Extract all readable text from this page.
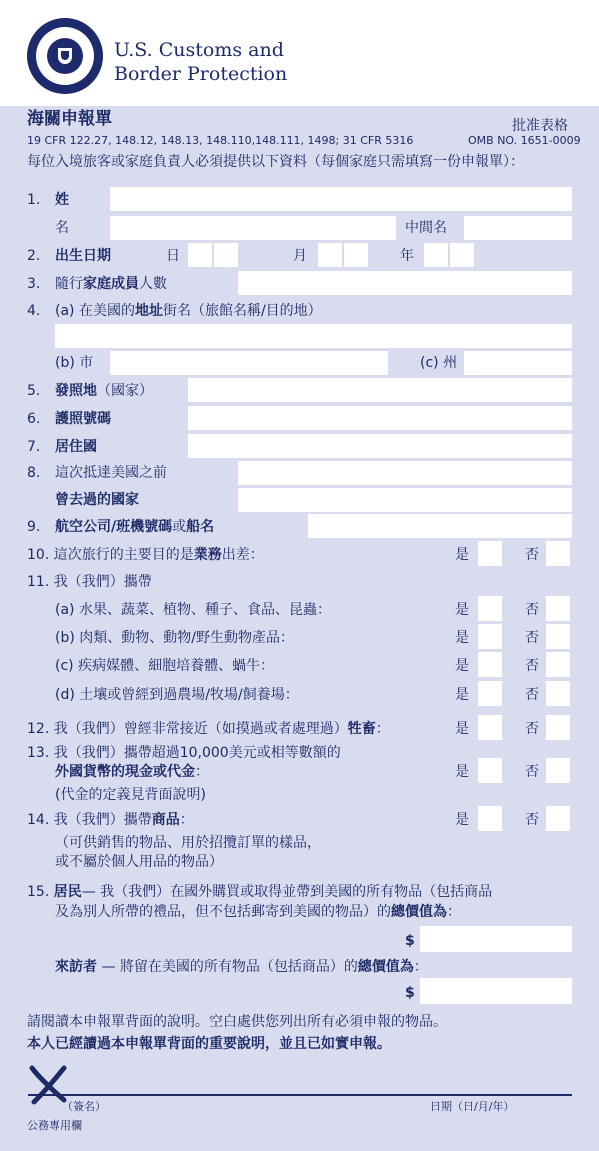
U.S. Customs and
Border Protection
海關申報單	批准表格
19 CFR 122.27, 148.12, 148.13, 148.110,148.111, 1498; 31 CFR 5316	OMB NO. 1651-0009
每位入境旅客或家庭負責人必須提供以下資料（每個家庭只需填寫一份申報單）：
1. 姓
名	中間名
2. 出生日期	日	月	年
3. 隨行家庭成員人數
4. (a) 在美國的地址街名（旅館名稱/目的地）
(b) 市	(c) 州
5. 發照地（國家）
6. 護照號碼
7. 居住國
8. 這次抵達美國之前
曾去過的國家
9. 航空公司/班機號碼或船名
10. 這次旅行的主要目的是業務出差：	是	否
11. 我（我們）攜帶
(a) 水果、蔬菜、植物、種子、食品、昆蟲：	是	否
(b) 肉類、動物、動物/野生動物產品：	是	否
(c) 疾病媒體、細胞培養體、蝸牛：	是	否
(d) 土壤或曾經到過農場/牧場/飼養場：	是	否
12. 我（我們）曾經非常接近（如摸過或者處理過）牲畜：	是	否
13. 我（我們）攜帶超過10,000美元或相等數額的
外國貨幣的現金或代金：	是	否
(代金的定義見背面說明)
14. 我（我們）攜帶商品：	是	否
（可供銷售的物品、用於招攬訂單的樣品，
或不屬於個人用品的物品）
15. 居民— 我（我們）在國外購買或取得並帶到美國的所有物品（包括商品
及為別人所帶的禮品，但不包括郵寄到美國的物品）的總價值為：
$
來訪者 — 將留在美國的所有物品（包括商品）的總價值為：
$
請閱讀本申報單背面的說明。空白處供您列出所有必須申報的物品。
本人已經讀過本申報單背面的重要說明，並且已如實申報。
（簽名）	日期（日/月/年）
公務專用欄
